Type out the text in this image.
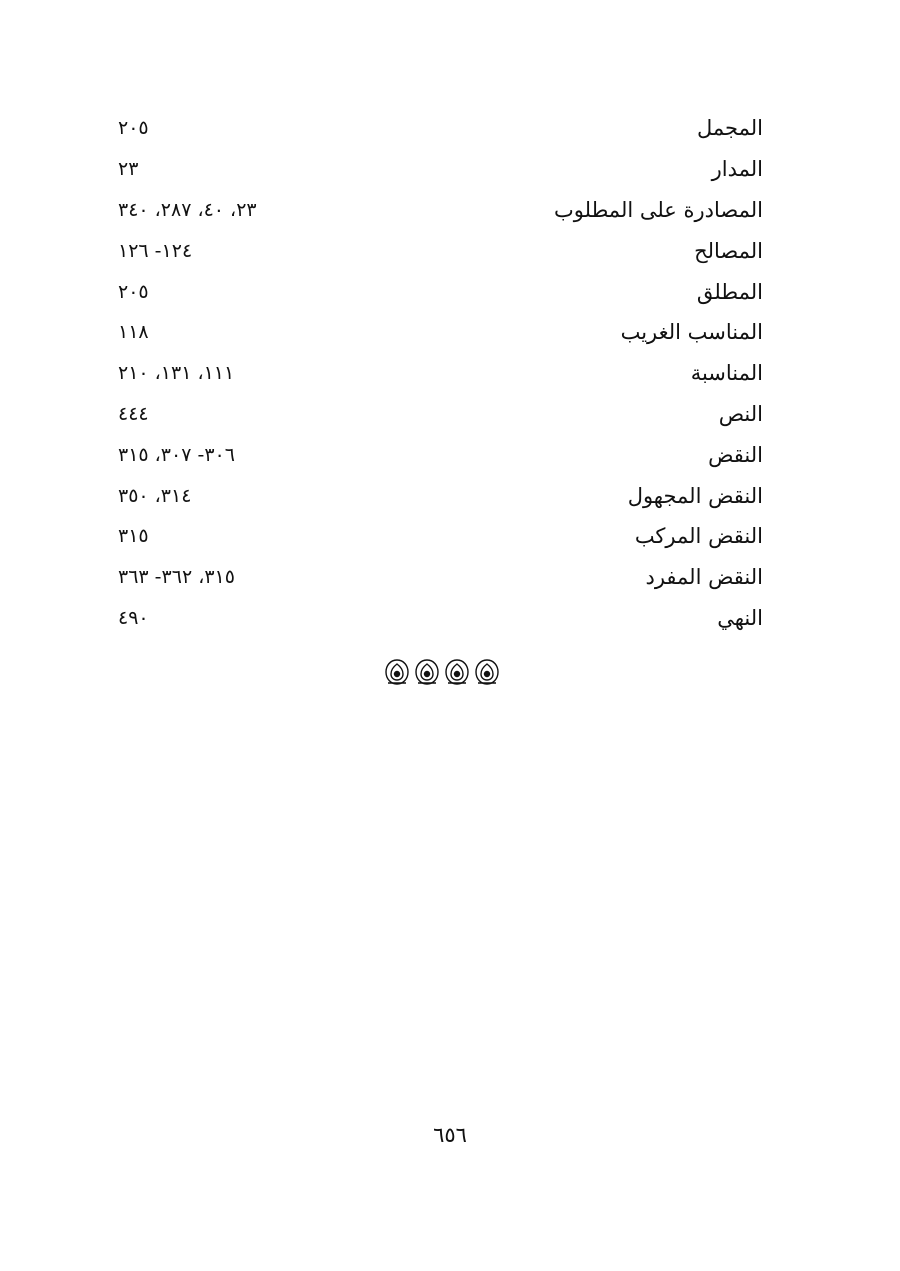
المجمل
٢٠٥
المدار
٢٣
المصادرة على المطلوب
٢٣، ٤٠، ٢٨٧، ٣٤٠
المصالح
١٢٤- ١٢٦
المطلق
٢٠٥
المناسب الغريب
١١٨
المناسبة
١١١، ١٣١، ٢١٠
النص
٤٤٤
النقض
٣٠٦- ٣٠٧، ٣١٥
النقض المجهول
٣١٤، ٣٥٠
النقض المركب
٣١٥
النقض المفرد
٣١٥، ٣٦٢- ٣٦٣
النهي
٤٩٠
٦٥٦
